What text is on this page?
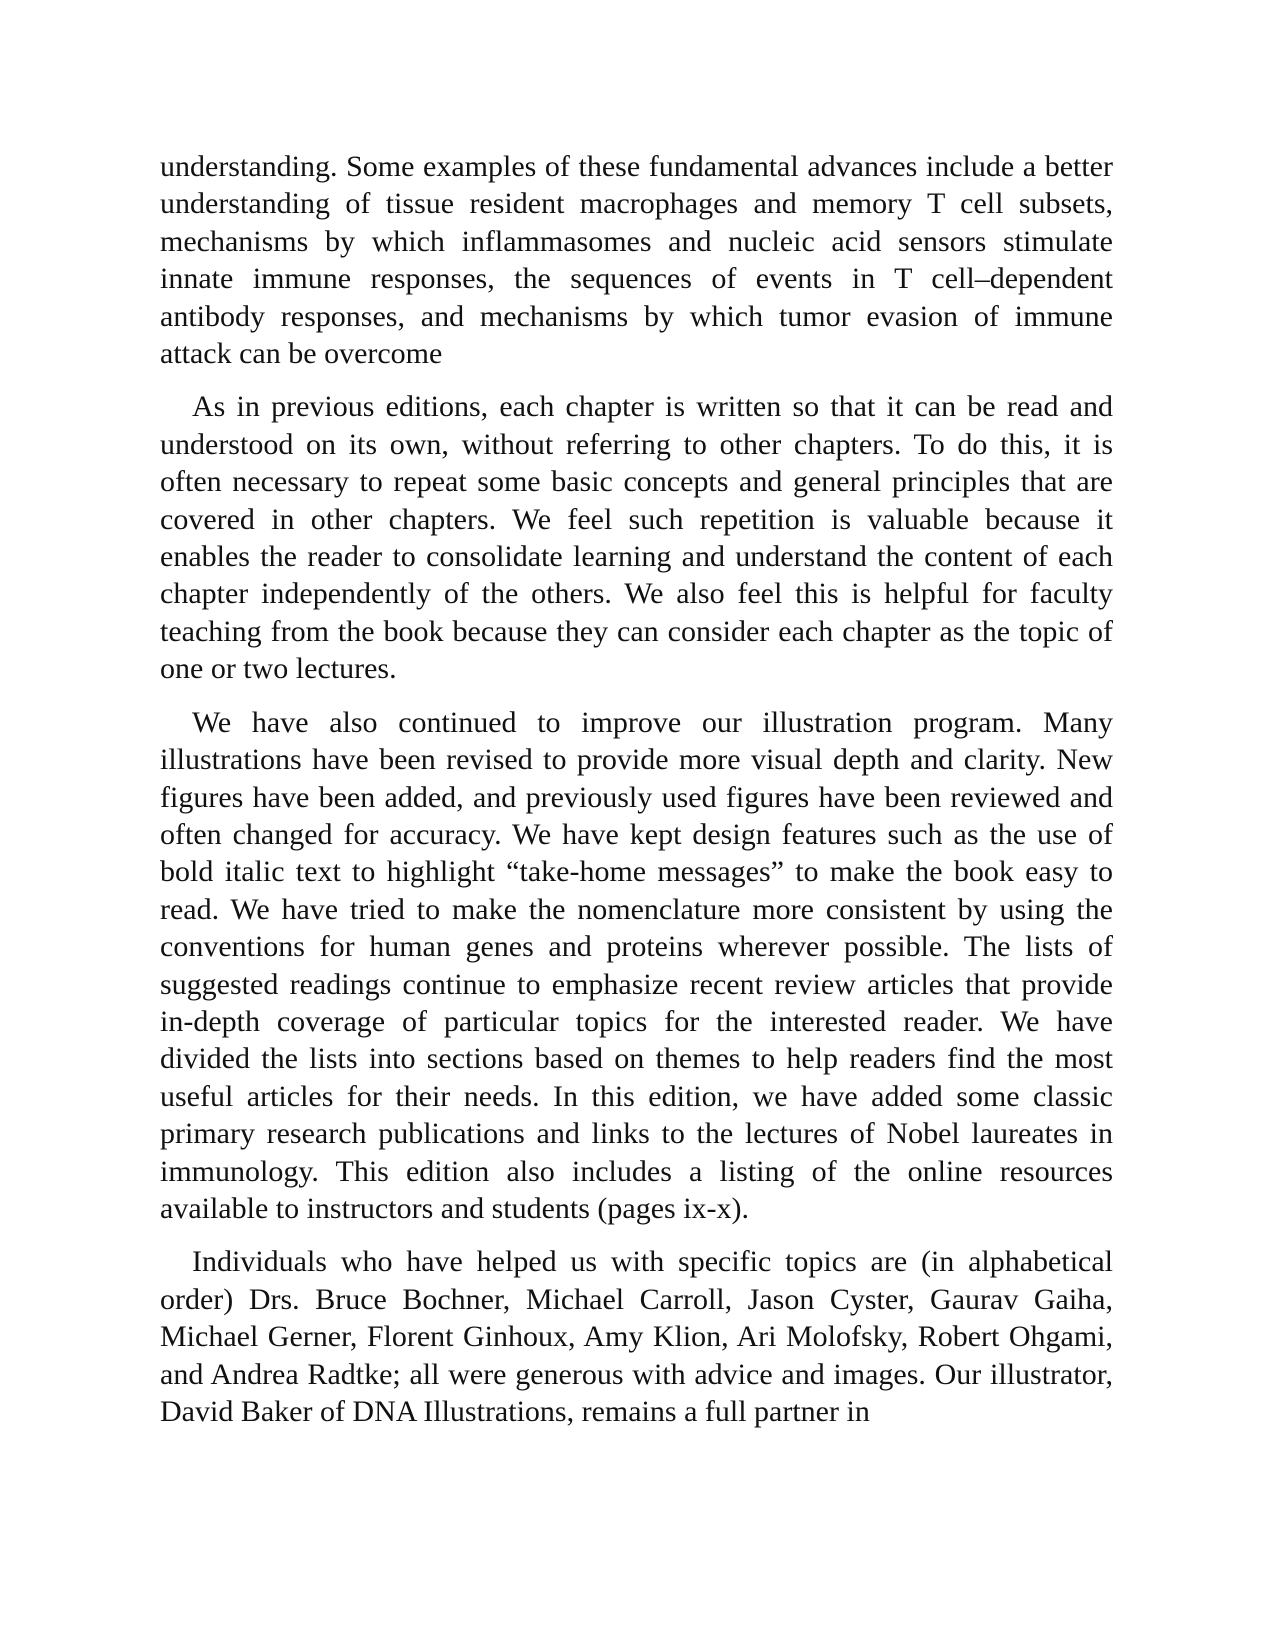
understanding. Some examples of these fundamental advances include a better understanding of tissue resident macrophages and memory T cell subsets, mechanisms by which inflammasomes and nucleic acid sensors stimulate innate immune responses, the sequences of events in T cell–dependent antibody responses, and mechanisms by which tumor evasion of immune attack can be overcome

As in previous editions, each chapter is written so that it can be read and understood on its own, without referring to other chapters. To do this, it is often necessary to repeat some basic concepts and general principles that are covered in other chapters. We feel such repetition is valuable because it enables the reader to consolidate learning and understand the content of each chapter independently of the others. We also feel this is helpful for faculty teaching from the book because they can consider each chapter as the topic of one or two lectures.

We have also continued to improve our illustration program. Many illustrations have been revised to provide more visual depth and clarity. New figures have been added, and previously used figures have been reviewed and often changed for accuracy. We have kept design features such as the use of bold italic text to highlight “take-home messages” to make the book easy to read. We have tried to make the nomenclature more consistent by using the conventions for human genes and proteins wherever possible. The lists of suggested readings continue to emphasize recent review articles that provide in-depth coverage of particular topics for the interested reader. We have divided the lists into sections based on themes to help readers find the most useful articles for their needs. In this edition, we have added some classic primary research publications and links to the lectures of Nobel laureates in immunology. This edition also includes a listing of the online resources available to instructors and students (pages ix-x).

Individuals who have helped us with specific topics are (in alphabetical order) Drs. Bruce Bochner, Michael Carroll, Jason Cyster, Gaurav Gaiha, Michael Gerner, Florent Ginhoux, Amy Klion, Ari Molofsky, Robert Ohgami, and Andrea Radtke; all were generous with advice and images. Our illustrator, David Baker of DNA Illustrations, remains a full partner in
